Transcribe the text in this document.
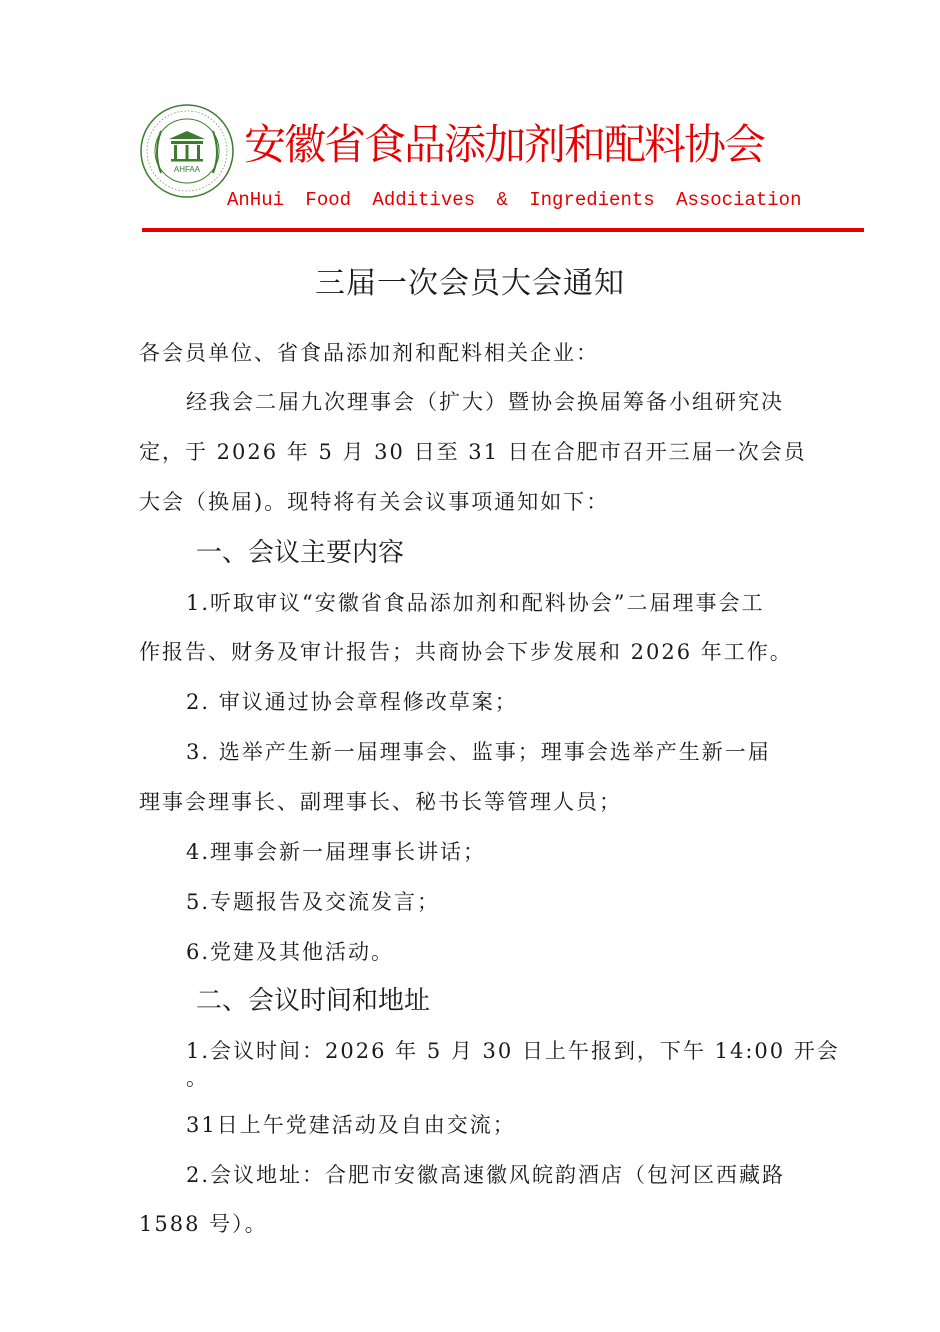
AHFAA
安徽省食品添加剂和配料协会
AnHui Food Additives & Ingredients Association
三届一次会员大会通知
各会员单位、省食品添加剂和配料相关企业：
经我会二届九次理事会（扩大）暨协会换届筹备小组研究决
定，于 2026 年 5 月 30 日至 31 日在合肥市召开三届一次会员
大会（换届)。现特将有关会议事项通知如下：
一、会议主要内容
1.听取审议“安徽省食品添加剂和配料协会”二届理事会工
作报告、财务及审计报告；共商协会下步发展和 2026 年工作。
2. 审议通过协会章程修改草案；
3. 选举产生新一届理事会、监事；理事会选举产生新一届
理事会理事长、副理事长、秘书长等管理人员；
4.理事会新一届理事长讲话；
5.专题报告及交流发言；
6.党建及其他活动。
二、会议时间和地址
1.会议时间：2026 年 5 月 30 日上午报到，下午 14:00 开会
。
31日上午党建活动及自由交流；
2.会议地址：合肥市安徽高速徽风皖韵酒店（包河区西藏路
1588 号）。
